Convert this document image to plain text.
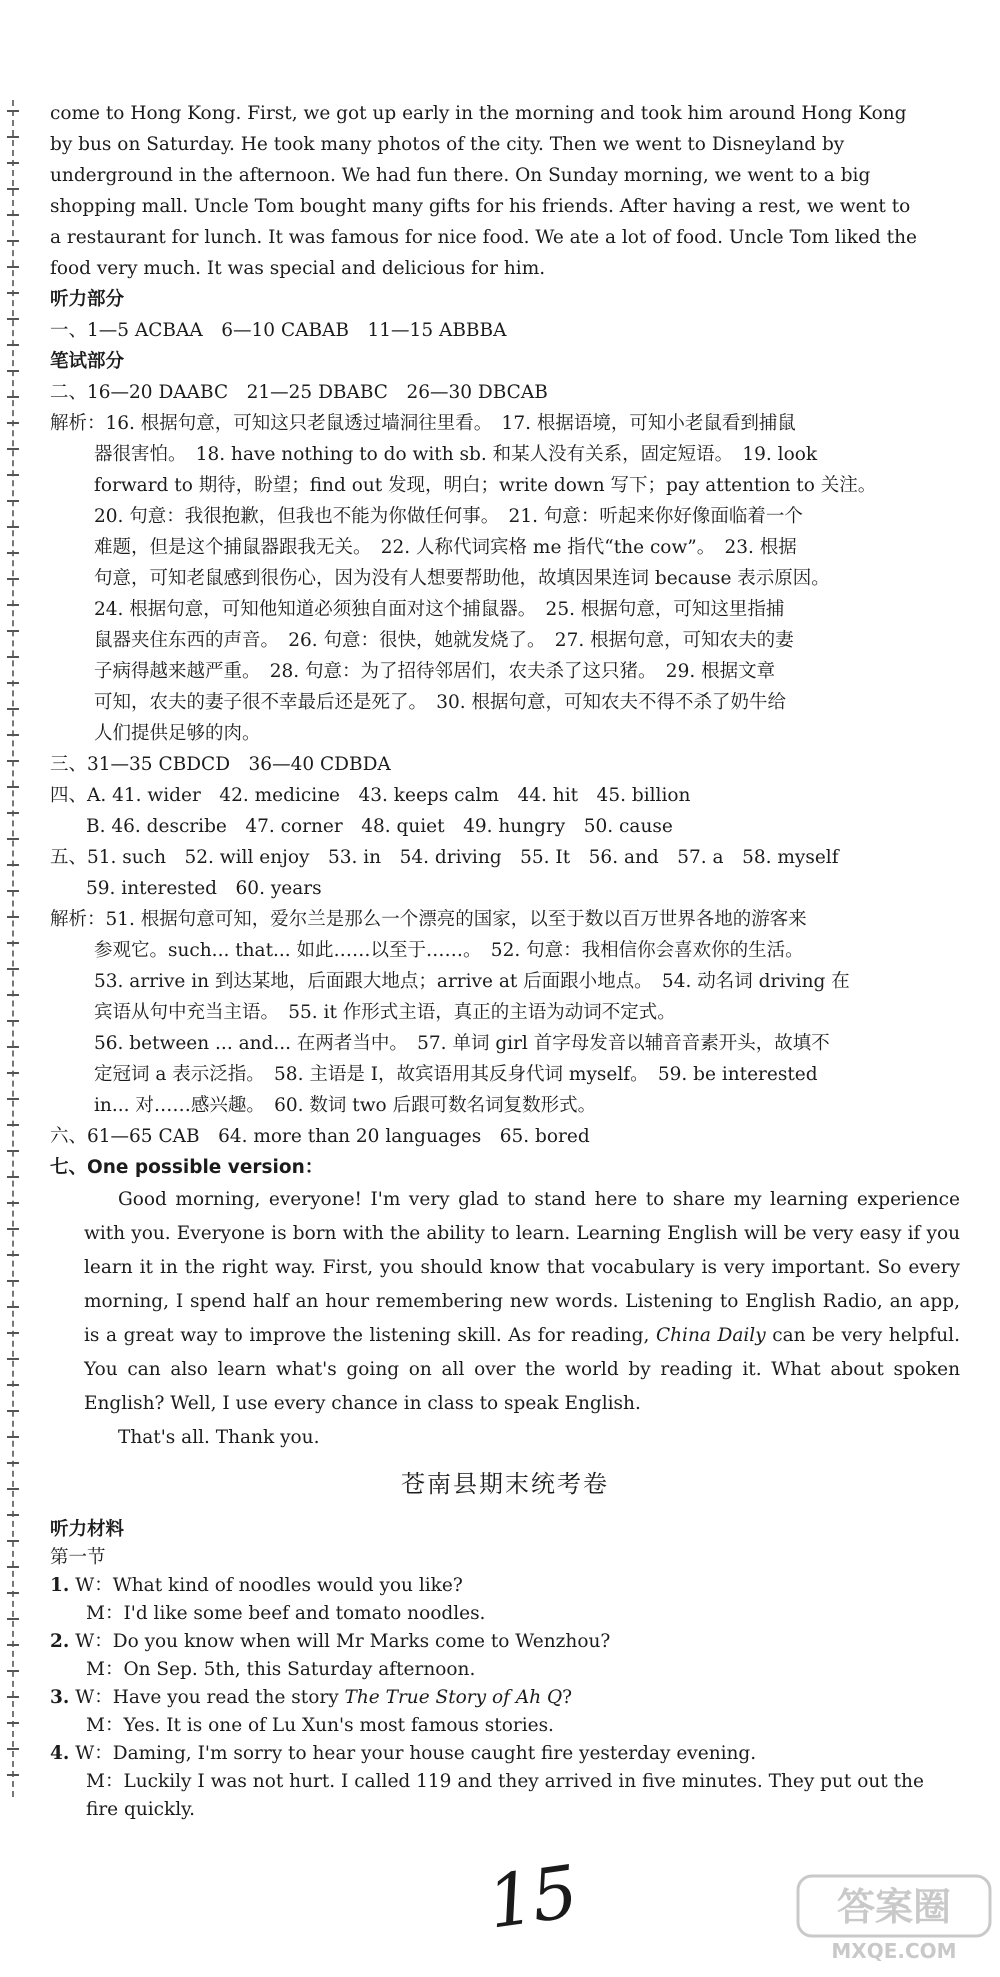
come to Hong Kong. First, we got up early in the morning and took him around Hong Kong
by bus on Saturday. He took many photos of the city. Then we went to Disneyland by
underground in the afternoon. We had fun there. On Sunday morning, we went to a big
shopping mall. Uncle Tom bought many gifts for his friends. After having a rest, we went to
a restaurant for lunch. It was famous for nice food. We ate a lot of food. Uncle Tom liked the
food very much. It was special and delicious for him.
听力部分
一、1—5 ACBAA　6—10 CABAB　11—15 ABBBA
笔试部分
二、16—20 DAABC　21—25 DBABC　26—30 DBCAB
解析：16. 根据句意，可知这只老鼠透过墙洞往里看。　17. 根据语境，可知小老鼠看到捕鼠
器很害怕。　18. have nothing to do with sb. 和某人没有关系，固定短语。　19. look
forward to 期待，盼望；find out 发现，明白；write down 写下；pay attention to 关注。
20. 句意：我很抱歉，但我也不能为你做任何事。　21. 句意：听起来你好像面临着一个
难题，但是这个捕鼠器跟我无关。　22. 人称代词宾格 me 指代“the cow”。　23. 根据
句意，可知老鼠感到很伤心，因为没有人想要帮助他，故填因果连词 because 表示原因。
24. 根据句意，可知他知道必须独自面对这个捕鼠器。　25. 根据句意，可知这里指捕
鼠器夹住东西的声音。　26. 句意：很快，她就发烧了。　27. 根据句意，可知农夫的妻
子病得越来越严重。　28. 句意：为了招待邻居们，农夫杀了这只猪。　29. 根据文章
可知，农夫的妻子很不幸最后还是死了。　30. 根据句意，可知农夫不得不杀了奶牛给
人们提供足够的肉。
三、31—35 CBDCD　36—40 CDBDA
四、A. 41. wider　42. medicine　43. keeps calm　44. hit　45. billion
B. 46. describe　47. corner　48. quiet　49. hungry　50. cause
五、51. such　52. will enjoy　53. in　54. driving　55. It　56. and　57. a　58. myself
59. interested　60. years
解析：51. 根据句意可知，爱尔兰是那么一个漂亮的国家，以至于数以百万世界各地的游客来
参观它。such... that... 如此……以至于……。　52. 句意：我相信你会喜欢你的生活。
53. arrive in 到达某地，后面跟大地点；arrive at 后面跟小地点。　54. 动名词 driving 在
宾语从句中充当主语。　55. it 作形式主语，真正的主语为动词不定式。
56. between ... and... 在两者当中。　57. 单词 girl 首字母发音以辅音音素开头，故填不
定冠词 a 表示泛指。　58. 主语是 I，故宾语用其反身代词 myself。　59. be interested
in... 对……感兴趣。　60. 数词 two 后跟可数名词复数形式。
六、61—65 CAB　64. more than 20 languages　65. bored
七、One possible version：
Good morning, everyone! I'm very glad to stand here to share my learning experience with you. Everyone is born with the ability to learn. Learning English will be very easy if you learn it in the right way. First, you should know that vocabulary is very important. So every morning, I spend half an hour remembering new words. Listening to English Radio, an app, is a great way to improve the listening skill. As for reading, China Daily can be very helpful. You can also learn what's going on all over the world by reading it. What about spoken English? Well, I use every chance in class to speak English.
That's all. Thank you.
苍南县期末统考卷
听力材料
第一节
1. W：What kind of noodles would you like?
M：I'd like some beef and tomato noodles.
2. W：Do you know when will Mr Marks come to Wenzhou?
M：On Sep. 5th, this Saturday afternoon.
3. W：Have you read the story The True Story of Ah Q?
M：Yes. It is one of Lu Xun's most famous stories.
4. W：Daming, I'm sorry to hear your house caught fire yesterday evening.
M：Luckily I was not hurt. I called 119 and they arrived in five minutes. They put out the
fire quickly.
15	答案圈
MXQE.COM
